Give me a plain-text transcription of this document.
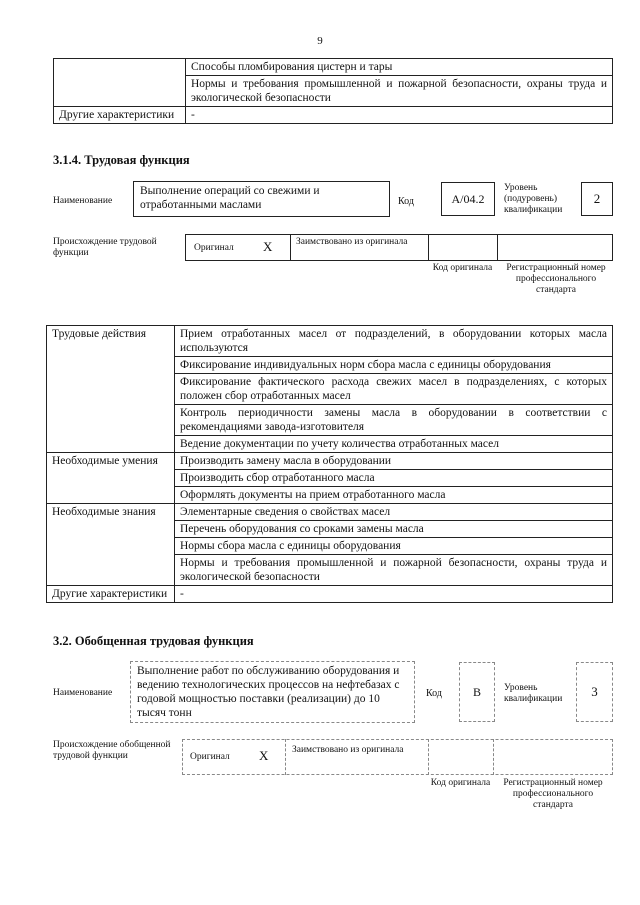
9
	Способы пломбирования цистерн и тары
	Нормы и требования промышленной и пожарной безопасности, охраны труда и экологической безопасности
Другие характеристики	-
3.1.4. Трудовая функция
Наименование
Выполнение операций со свежими и отработанными маслами	Код	А/04.2
Уровень (подуровень) квалификации
2
Происхождение трудовой функции	Оригинал X Заимствовано из оригинала
Код оригинала	Регистрационный номер профессионального стандарта
Трудовые действия	Прием отработанных масел от подразделений, в оборудовании которых масла используются
	Фиксирование индивидуальных норм сбора масла с единицы оборудования
	Фиксирование фактического расхода свежих масел в подразделениях, с которых положен сбор отработанных масел
	Контроль периодичности замены масла в оборудовании в соответствии с рекомендациями завода-изготовителя
	Ведение документации по учету количества отработанных масел
Необходимые умения	Производить замену масла в оборудовании
	Производить сбор отработанного масла
	Оформлять документы на прием отработанного масла
Необходимые знания	Элементарные сведения о свойствах масел
	Перечень оборудования со сроками замены масла
	Нормы сбора масла с единицы оборудования
	Нормы и требования промышленной и пожарной безопасности, охраны труда и экологической безопасности
Другие характеристики	-
3.2. Обобщенная трудовая функция
Наименование
Выполнение работ по обслуживанию оборудования и ведению технологических процессов на нефтебазах с годовой мощностью поставки (реализации) до 10 тысяч тонн
Код	B	Уровень квалификации	3
Происхождение обобщенной трудовой функции	Оригинал X Заимствовано из оригинала
Код оригинала	Регистрационный номер профессионального стандарта
